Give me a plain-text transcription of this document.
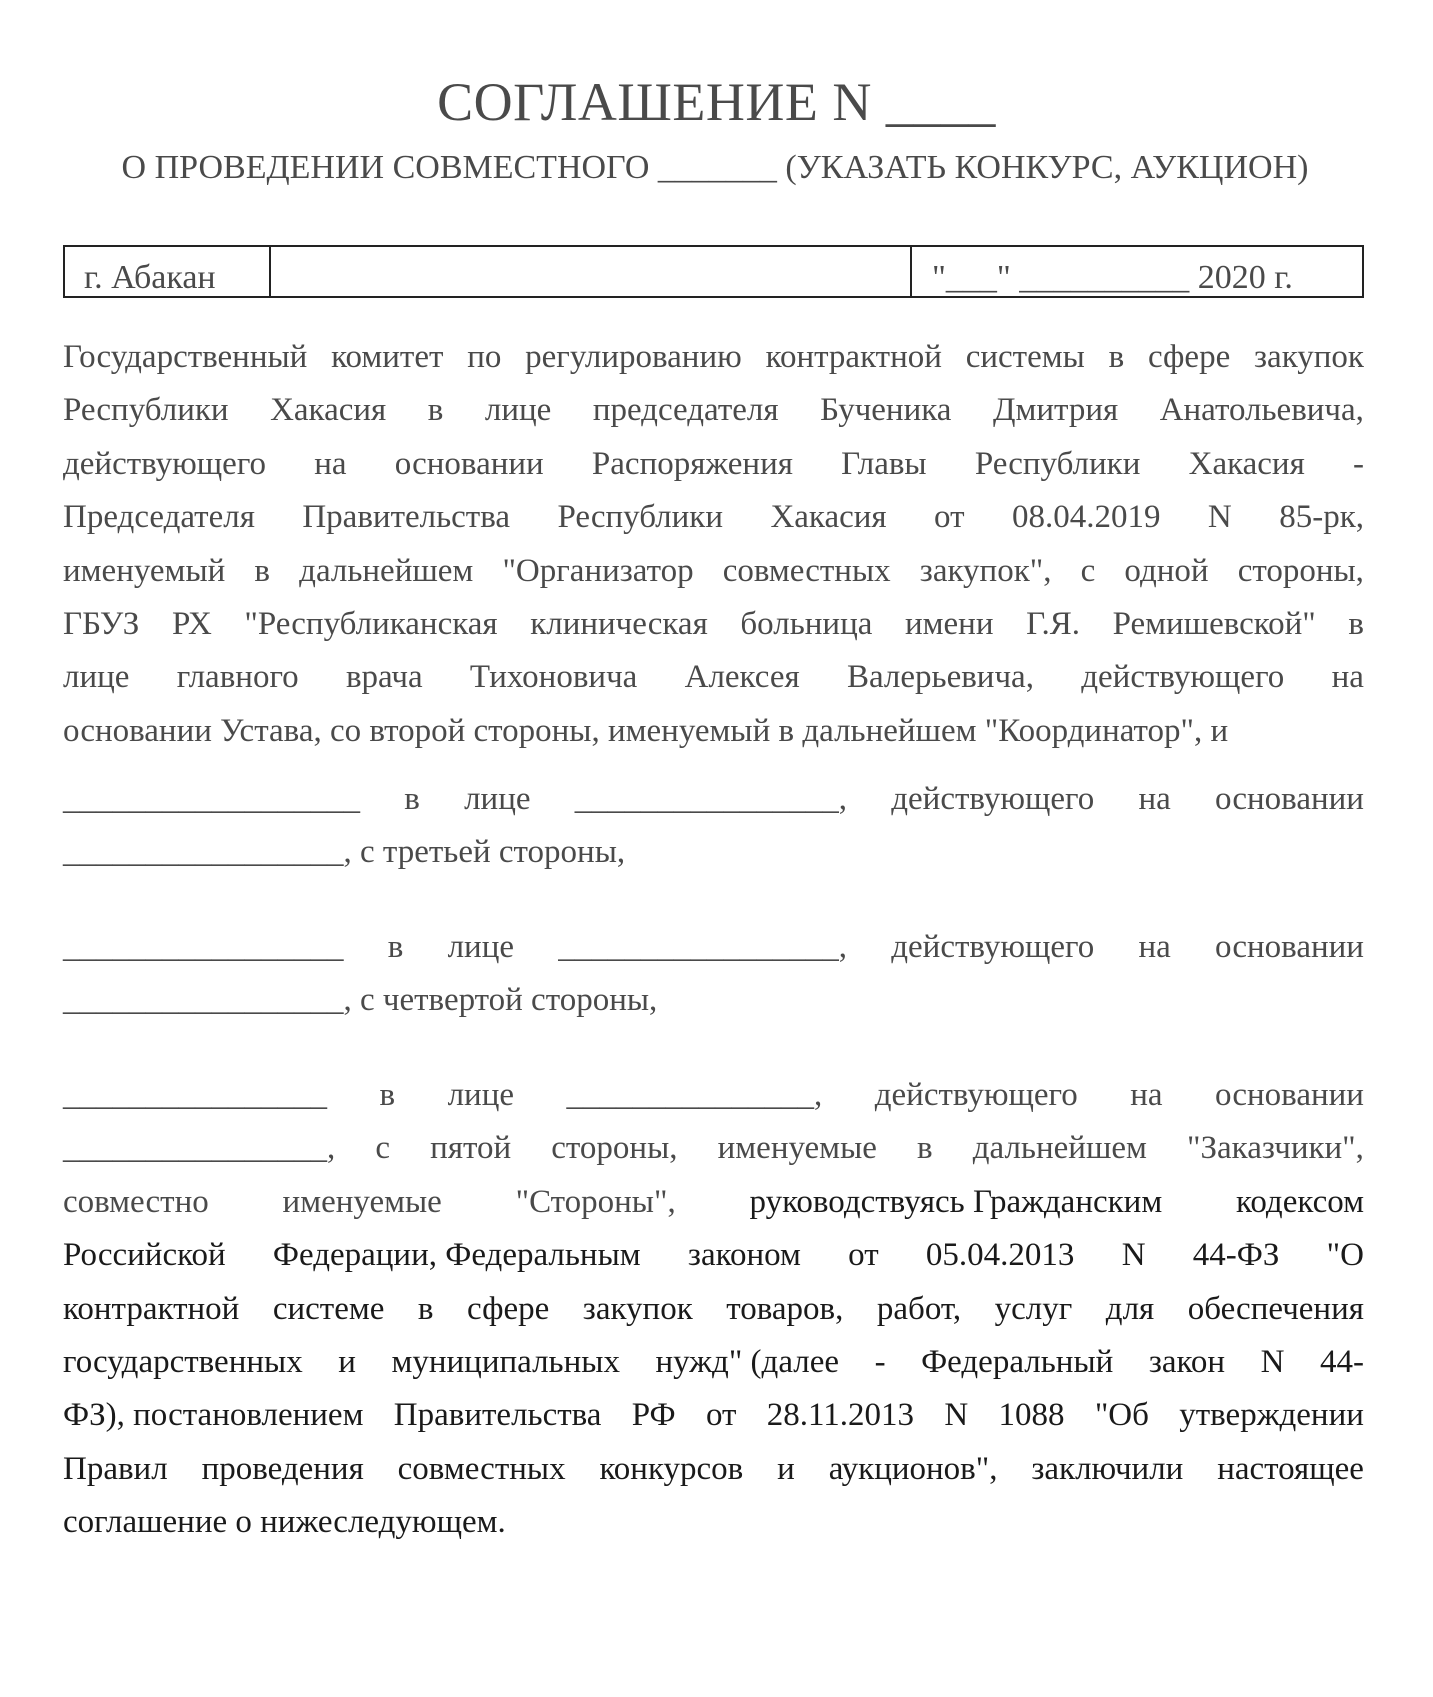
СОГЛАШЕНИЕ N ____
О ПРОВЕДЕНИИ СОВМЕСТНОГО _______ (УКАЗАТЬ КОНКУРС, АУКЦИОН)
г. Абакан	"___" __________ 2020 г.
Государственный комитет по регулированию контрактной системы в сфере закупок
Республики Хакасия в лице председателя Бученика Дмитрия Анатольевича,
действующего на основании Распоряжения Главы Республики Хакасия -
Председателя Правительства Республики Хакасия от 08.04.2019 N 85-рк,
именуемый в дальнейшем "Организатор совместных закупок", с одной стороны,
ГБУЗ РХ "Республиканская клиническая больница имени Г.Я. Ремишевской" в
лице главного врача Тихоновича Алексея Валерьевича, действующего на
основании Устава, со второй стороны, именуемый в дальнейшем "Координатор", и
__________________ в лице ________________, действующего на основании
_________________, с третьей стороны,
_________________ в лице _________________, действующего на основании
_________________, с четвертой стороны,
________________ в лице _______________, действующего на основании
________________, с пятой стороны, именуемые в дальнейшем "Заказчики",
совместно именуемые "Стороны", руководствуясь Гражданским кодексом
Российской Федерации, Федеральным законом от 05.04.2013 N 44-ФЗ "О
контрактной системе в сфере закупок товаров, работ, услуг для обеспечения
государственных и муниципальных нужд" (далее - Федеральный закон N 44-
ФЗ), постановлением Правительства РФ от 28.11.2013 N 1088 "Об утверждении
Правил проведения совместных конкурсов и аукционов", заключили настоящее
соглашение о нижеследующем.
